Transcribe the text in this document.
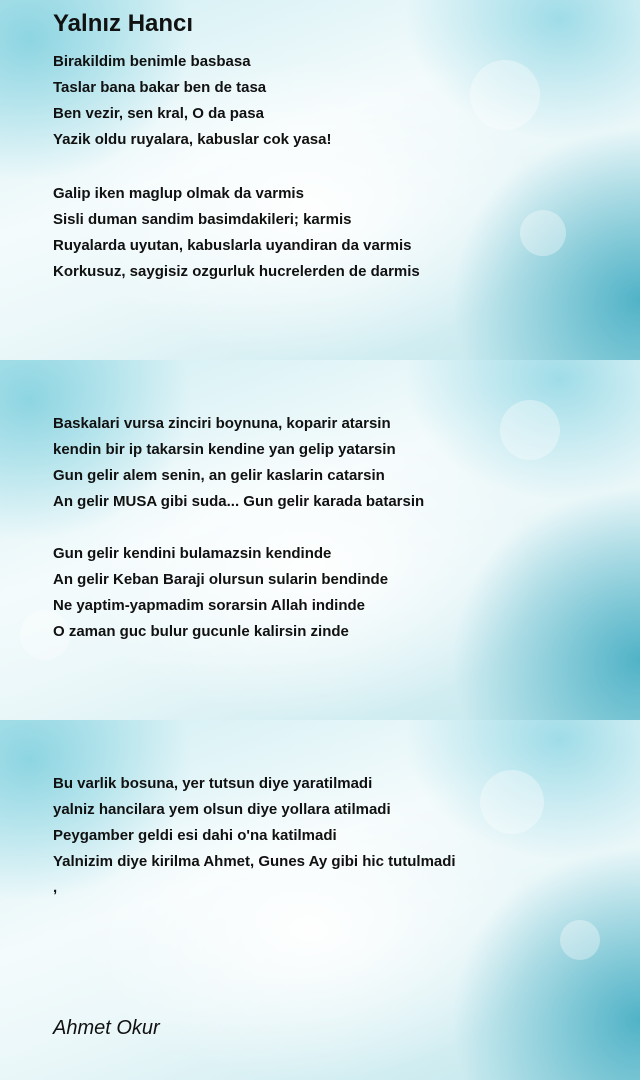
Yalnız Hancı
Birakildim benimle basbasa
Taslar bana bakar ben de tasa
Ben vezir, sen kral, O da pasa
Yazik oldu ruyalara, kabuslar cok yasa!
Galip iken maglup olmak da varmis
Sisli duman sandim basimdakileri; karmis
Ruyalarda uyutan, kabuslarla uyandiran da varmis
Korkusuz, saygisiz ozgurluk hucrelerden de darmis
Baskalari vursa zinciri boynuna, koparir atarsin
kendin bir ip takarsin kendine yan gelip yatarsin
Gun gelir alem senin, an gelir kaslarin catarsin
An gelir MUSA gibi suda... Gun gelir karada batarsin
Gun gelir kendini bulamazsin kendinde
An gelir Keban Baraji olursun sularin bendinde
Ne yaptim-yapmadim sorarsin Allah indinde
O zaman guc bulur gucunle kalirsin zinde
Bu varlik bosuna, yer tutsun diye yaratilmadi
yalniz hancilara yem olsun diye yollara atilmadi
Peygamber geldi esi dahi o'na katilmadi
Yalnizim diye kirilma Ahmet, Gunes Ay gibi hic tutulmadi
,
Ahmet Okur
